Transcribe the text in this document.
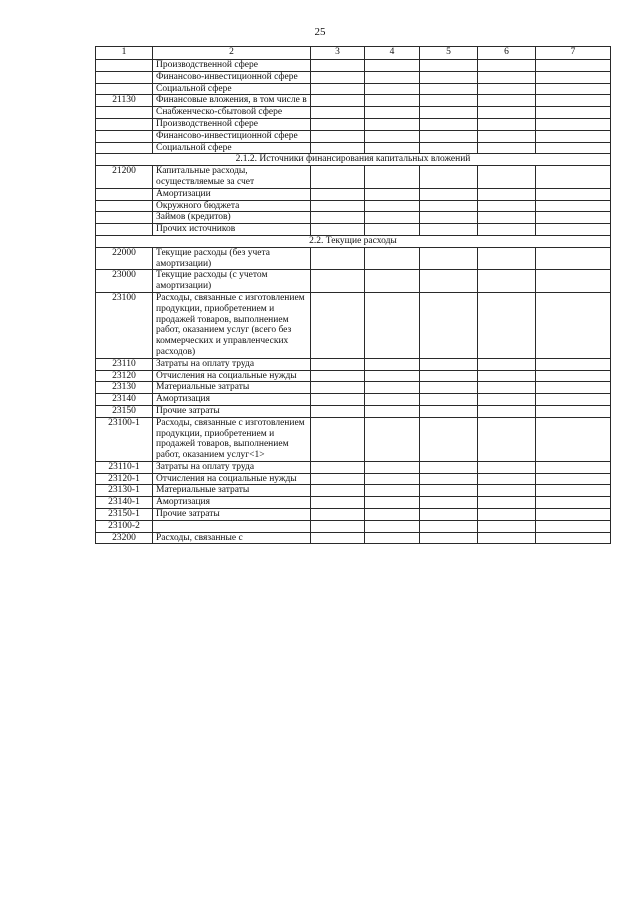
25
1	2	3	4	5	6	7
	Производственной сфере					
	Финансово-инвестиционной сфере					
	Социальной сфере					
21130	Финансовые вложения, в том числе в					
	Снабженческо-сбытовой сфере					
	Производственной сфере					
	Финансово-инвестиционной сфере					
	Социальной сфере					
2.1.2. Источники финансирования капитальных вложений						
21200	Капитальные расходы, осуществляемые за счет					
	Амортизации					
	Окружного бюджета					
	Займов (кредитов)					
	Прочих источников					
2.2. Текущие расходы						
22000	Текущие расходы (без учета амортизации)					
23000	Текущие расходы (с учетом амортизации)					
23100	Расходы, связанные с изготовлением продукции, приобретением и продажей товаров, выполнением работ, оказанием услуг (всего без коммерческих и управленческих расходов)					
23110	Затраты на оплату труда					
23120	Отчисления на социальные нужды					
23130	Материальные затраты					
23140	Амортизация					
23150	Прочие затраты					
23100-1	Расходы, связанные с изготовлением продукции, приобретением и продажей товаров, выполнением работ, оказанием услуг<1>					
23110-1	Затраты на оплату труда					
23120-1	Отчисления на социальные нужды					
23130-1	Материальные затраты					
23140-1	Амортизация					
23150-1	Прочие затраты					
23100-2						
23200	Расходы, связанные с					
